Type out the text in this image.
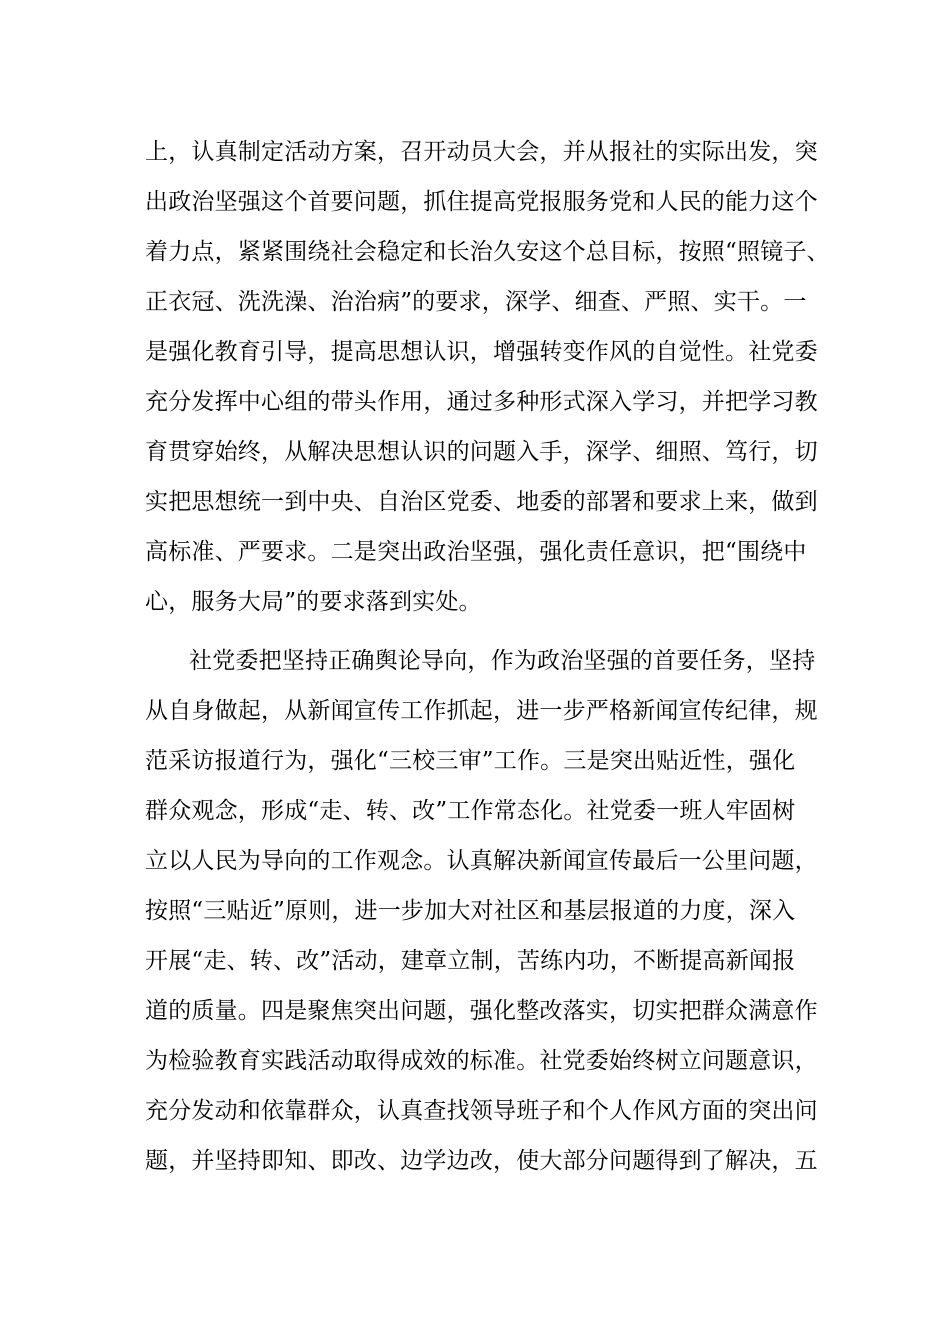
上，认真制定活动方案，召开动员大会，并从报社的实际出发，突

出政治坚强这个首要问题，抓住提高党报服务党和人民的能力这个

着力点，紧紧围绕社会稳定和长治久安这个总目标，按照“照镜子、

正衣冠、洗洗澡、治治病”的要求，深学、细查、严照、实干。一

是强化教育引导，提高思想认识，增强转变作风的自觉性。社党委

充分发挥中心组的带头作用，通过多种形式深入学习，并把学习教

育贯穿始终，从解决思想认识的问题入手，深学、细照、笃行，切

实把思想统一到中央、自治区党委、地委的部署和要求上来，做到

高标准、严要求。二是突出政治坚强，强化责任意识，把“围绕中

心，服务大局”的要求落到实处。

社党委把坚持正确舆论导向，作为政治坚强的首要任务，坚持

从自身做起，从新闻宣传工作抓起，进一步严格新闻宣传纪律，规

范采访报道行为，强化“三校三审”工作。三是突出贴近性，强化

群众观念，形成“走、转、改”工作常态化。社党委一班人牢固树

立以人民为导向的工作观念。认真解决新闻宣传最后一公里问题，

按照“三贴近”原则，进一步加大对社区和基层报道的力度，深入

开展“走、转、改”活动，建章立制，苦练内功，不断提高新闻报

道的质量。四是聚焦突出问题，强化整改落实，切实把群众满意作

为检验教育实践活动取得成效的标准。社党委始终树立问题意识，

充分发动和依靠群众，认真查找领导班子和个人作风方面的突出问

题，并坚持即知、即改、边学边改，使大部分问题得到了解决，五
